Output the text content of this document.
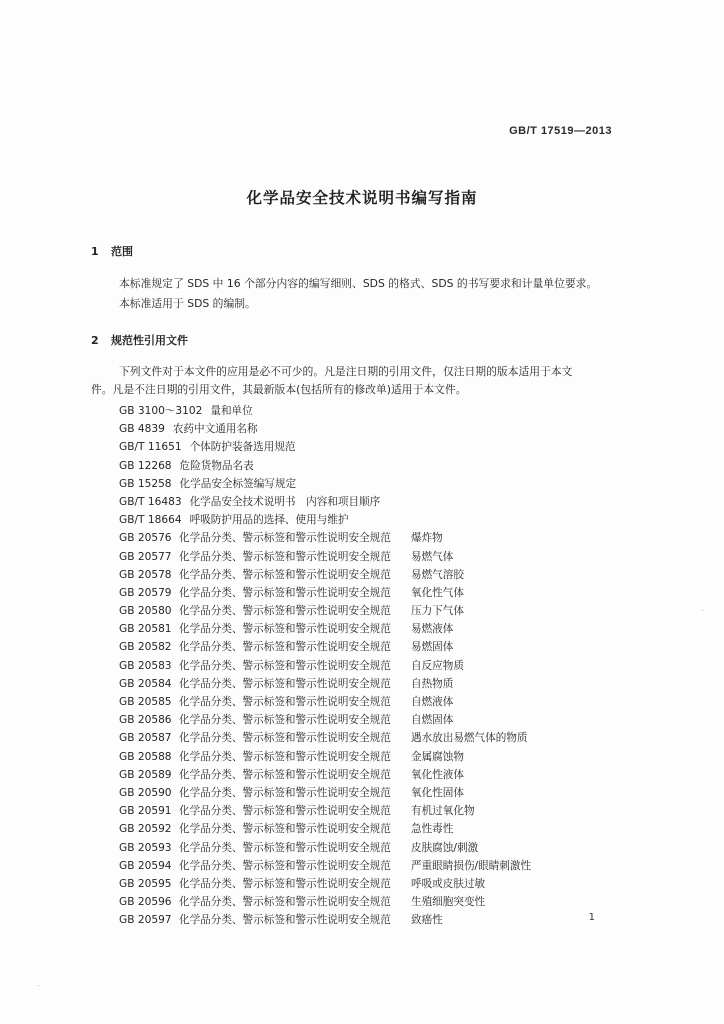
GB/T 17519—2013
化学品安全技术说明书编写指南
1 范围
本标准规定了 SDS 中 16 个部分内容的编写细则、SDS 的格式、SDS 的书写要求和计量单位要求。
本标准适用于 SDS 的编制。
2 规范性引用文件
下列文件对于本文件的应用是必不可少的。凡是注日期的引用文件，仅注日期的版本适用于本文
件。凡是不注日期的引用文件，其最新版本(包括所有的修改单)适用于本文件。
GB 3100～3102 量和单位
GB 4839 农药中文通用名称
GB/T 11651 个体防护装备选用规范
GB 12268 危险货物品名表
GB 15258 化学品安全标签编写规定
GB/T 16483 化学品安全技术说明书　内容和项目顺序
GB/T 18664 呼吸防护用品的选择、使用与维护
GB 20576 化学品分类、警示标签和警示性说明安全规范	爆炸物
GB 20577 化学品分类、警示标签和警示性说明安全规范	易燃气体
GB 20578 化学品分类、警示标签和警示性说明安全规范	易燃气溶胶
GB 20579 化学品分类、警示标签和警示性说明安全规范	氧化性气体
GB 20580 化学品分类、警示标签和警示性说明安全规范	压力下气体
GB 20581 化学品分类、警示标签和警示性说明安全规范	易燃液体
GB 20582 化学品分类、警示标签和警示性说明安全规范	易燃固体
GB 20583 化学品分类、警示标签和警示性说明安全规范	自反应物质
GB 20584 化学品分类、警示标签和警示性说明安全规范	自热物质
GB 20585 化学品分类、警示标签和警示性说明安全规范	自燃液体
GB 20586 化学品分类、警示标签和警示性说明安全规范	自燃固体
GB 20587 化学品分类、警示标签和警示性说明安全规范	遇水放出易燃气体的物质
GB 20588 化学品分类、警示标签和警示性说明安全规范	金属腐蚀物
GB 20589 化学品分类、警示标签和警示性说明安全规范	氧化性液体
GB 20590 化学品分类、警示标签和警示性说明安全规范	氧化性固体
GB 20591 化学品分类、警示标签和警示性说明安全规范	有机过氧化物
GB 20592 化学品分类、警示标签和警示性说明安全规范	急性毒性
GB 20593 化学品分类、警示标签和警示性说明安全规范	皮肤腐蚀/刺激
GB 20594 化学品分类、警示标签和警示性说明安全规范	严重眼睛损伤/眼睛刺激性
GB 20595 化学品分类、警示标签和警示性说明安全规范	呼吸或皮肤过敏
GB 20596 化学品分类、警示标签和警示性说明安全规范	生殖细胞突变性
GB 20597 化学品分类、警示标签和警示性说明安全规范	致癌性	1
